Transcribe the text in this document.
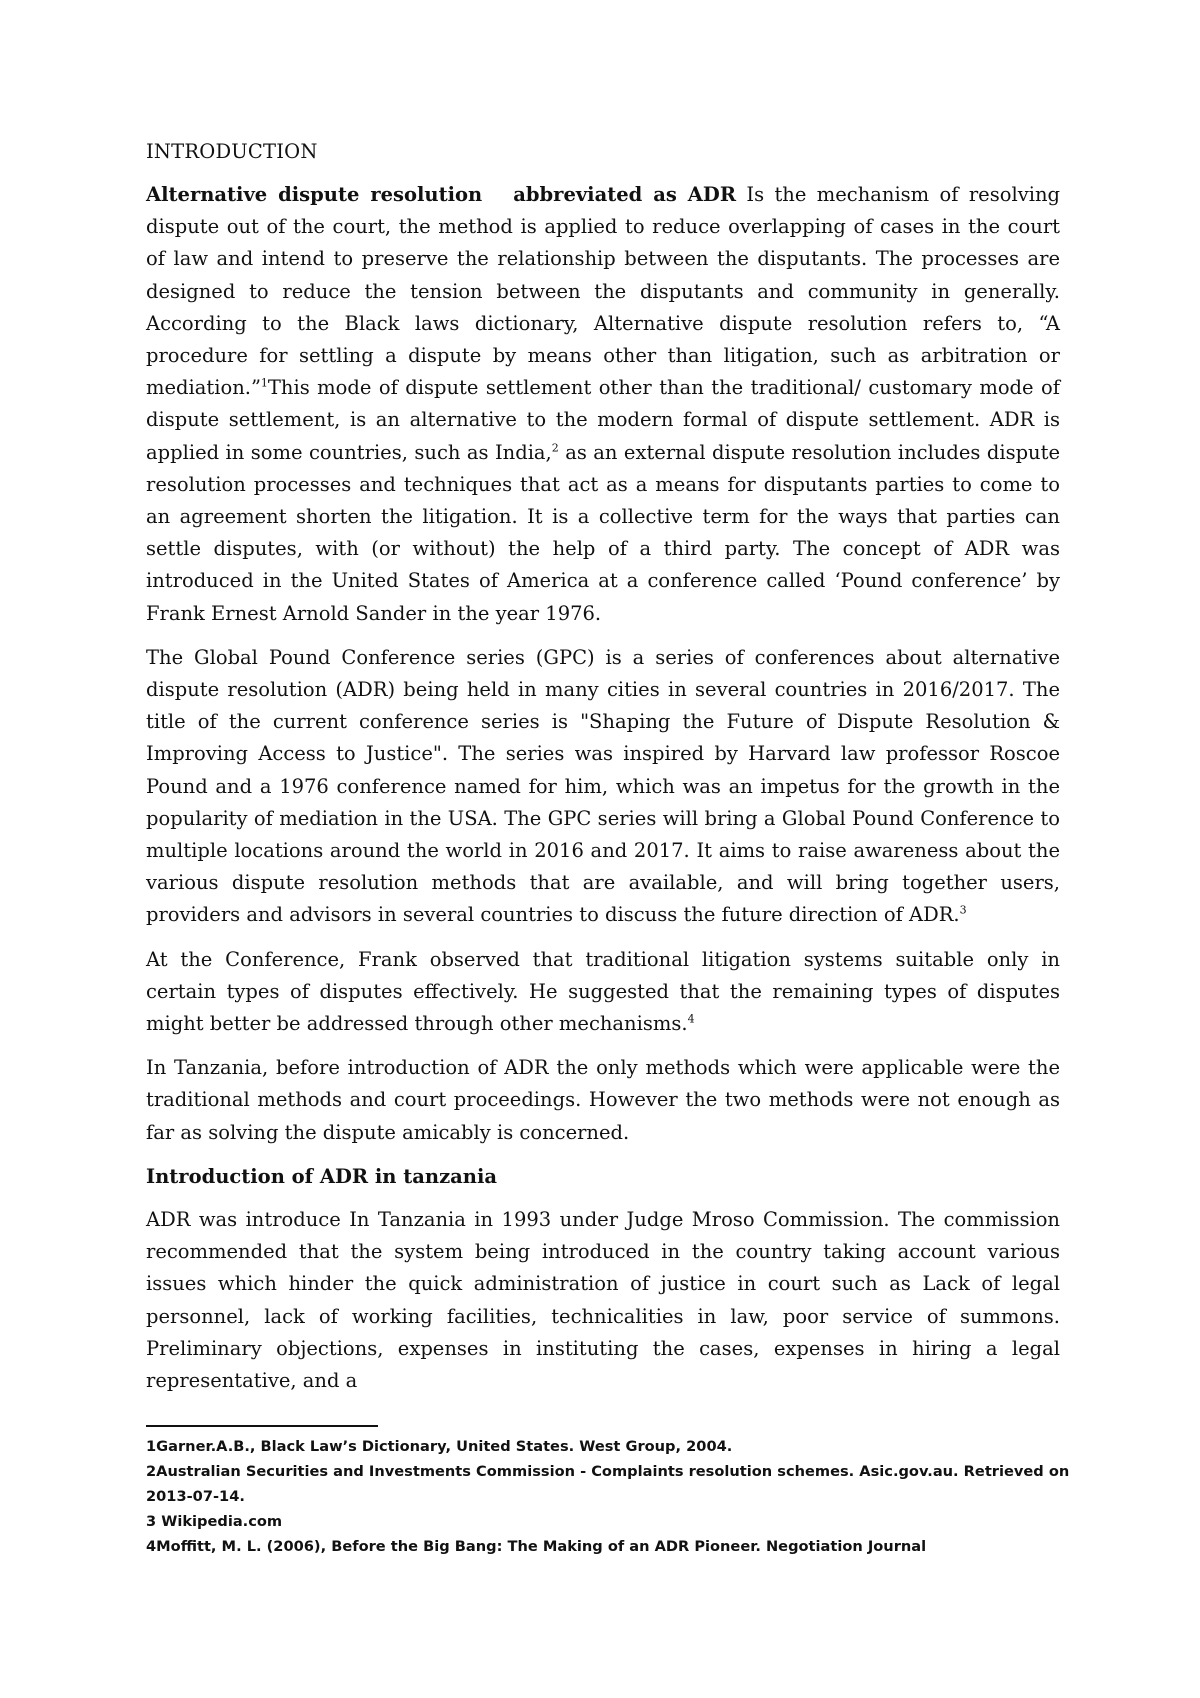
INTRODUCTION

Alternative dispute resolution abbreviated as ADR Is the mechanism of resolving dispute out of the court, the method is applied to reduce overlapping of cases in the court of law and intend to preserve the relationship between the disputants. The processes are designed to reduce the tension between the disputants and community in generally. According to the Black laws dictionary, Alternative dispute resolution refers to, “A procedure for settling a dispute by means other than litigation, such as arbitration or mediation.”$^1$This mode of dispute settlement other than the traditional/ customary mode of dispute settlement, is an alternative to the modern formal of dispute settlement. ADR is applied in some countries, such as India,$^2$ as an external dispute resolution includes dispute resolution processes and techniques that act as a means for disputants parties to come to an agreement shorten the litigation. It is a collective term for the ways that parties can settle disputes, with (or without) the help of a third party. The concept of ADR was introduced in the United States of America at a conference called ‘Pound conference’ by Frank Ernest Arnold Sander in the year 1976.

The Global Pound Conference series (GPC) is a series of conferences about alternative dispute resolution (ADR) being held in many cities in several countries in 2016/2017. The title of the current conference series is "Shaping the Future of Dispute Resolution & Improving Access to Justice". The series was inspired by Harvard law professor Roscoe Pound and a 1976 conference named for him, which was an impetus for the growth in the popularity of mediation in the USA. The GPC series will bring a Global Pound Conference to multiple locations around the world in 2016 and 2017. It aims to raise awareness about the various dispute resolution methods that are available, and will bring together users, providers and advisors in several countries to discuss the future direction of ADR.$^3$

At the Conference, Frank observed that traditional litigation systems suitable only in certain types of disputes effectively. He suggested that the remaining types of disputes might better be addressed through other mechanisms.$^4$

In Tanzania, before introduction of ADR the only methods which were applicable were the traditional methods and court proceedings. However the two methods were not enough as far as solving the dispute amicably is concerned.

Introduction of ADR in tanzania

ADR was introduce In Tanzania in 1993 under Judge Mroso Commission. The commission recommended that the system being introduced in the country taking account various issues which hinder the quick administration of justice in court such as Lack of legal personnel, lack of working facilities, technicalities in law, poor service of summons. Preliminary objections, expenses in instituting the cases, expenses in hiring a legal representative, and a

1Garner.A.B., Black Law’s Dictionary, United States. West Group, 2004.
2Australian Securities and Investments Commission - Complaints resolution schemes. Asic.gov.au. Retrieved on 2013-07-14.
3 Wikipedia.com
4Moffitt, M. L. (2006), Before the Big Bang: The Making of an ADR Pioneer. Negotiation Journal
